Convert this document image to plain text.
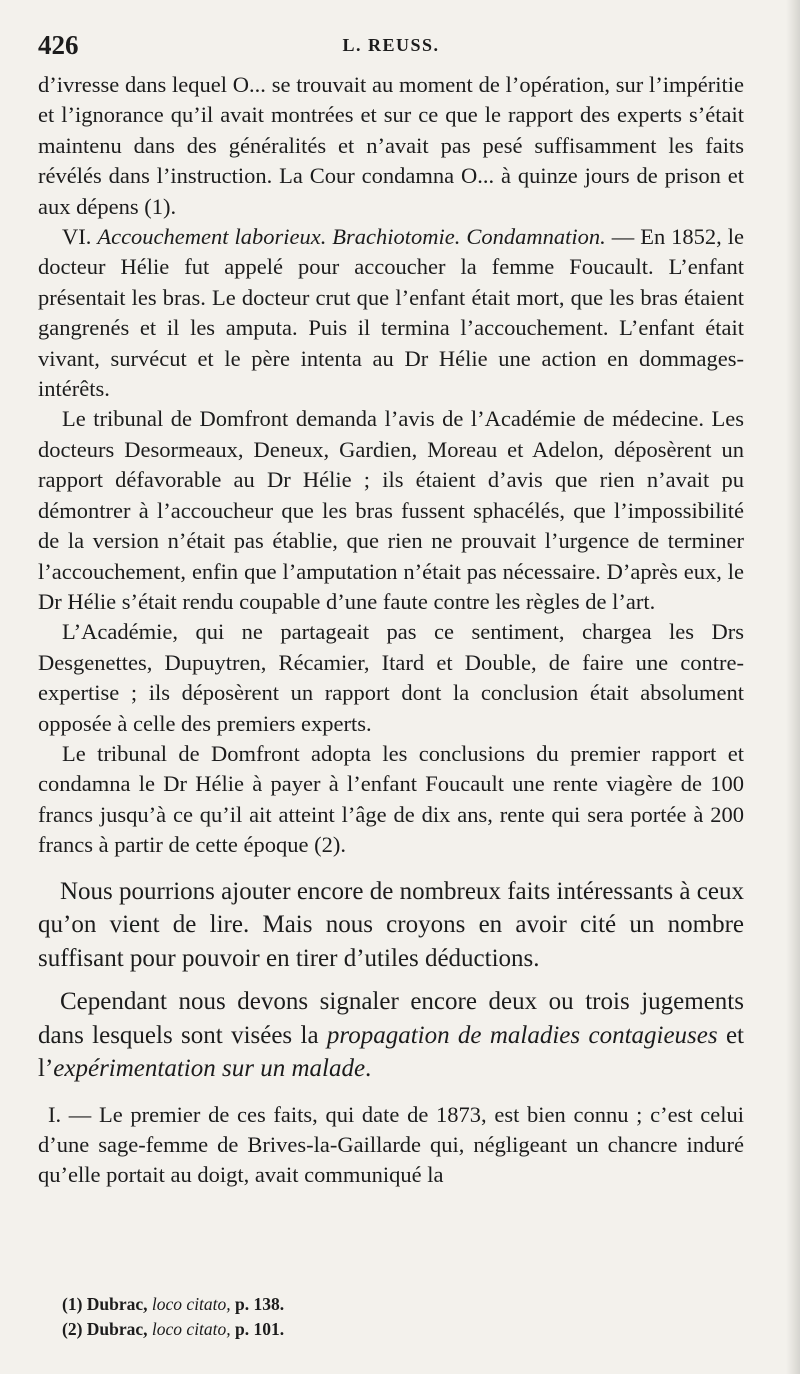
426	L. REUSS.

d’ivresse dans lequel O... se trouvait au moment de l’opération, sur l’impéritie et l’ignorance qu’il avait montrées et sur ce que le rapport des experts s’était maintenu dans des généralités et n’avait pas pesé suffisamment les faits révélés dans l’instruction. La Cour condamna O... à quinze jours de prison et aux dépens (1).

VI. Accouchement laborieux. Brachiotomie. Condamnation. — En 1852, le docteur Hélie fut appelé pour accoucher la femme Foucault. L’enfant présentait les bras. Le docteur crut que l’enfant était mort, que les bras étaient gangrenés et il les amputa. Puis il termina l’accouchement. L’enfant était vivant, survécut et le père intenta au Dr Hélie une action en dommages-intérêts.

Le tribunal de Domfront demanda l’avis de l’Académie de médecine. Les docteurs Desormeaux, Deneux, Gardien, Moreau et Adelon, déposèrent un rapport défavorable au Dr Hélie ; ils étaient d’avis que rien n’avait pu démontrer à l’accoucheur que les bras fussent sphacélés, que l’impossibilité de la version n’était pas établie, que rien ne prouvait l’urgence de terminer l’accouchement, enfin que l’amputation n’était pas nécessaire. D’après eux, le Dr Hélie s’était rendu coupable d’une faute contre les règles de l’art.

L’Académie, qui ne partageait pas ce sentiment, chargea les Drs Desgenettes, Dupuytren, Récamier, Itard et Double, de faire une contre-expertise ; ils déposèrent un rapport dont la conclusion était absolument opposée à celle des premiers experts.

Le tribunal de Domfront adopta les conclusions du premier rapport et condamna le Dr Hélie à payer à l’enfant Foucault une rente viagère de 100 francs jusqu’à ce qu’il ait atteint l’âge de dix ans, rente qui sera portée à 200 francs à partir de cette époque (2).

Nous pourrions ajouter encore de nombreux faits intéressants à ceux qu’on vient de lire. Mais nous croyons en avoir cité un nombre suffisant pour pouvoir en tirer d’utiles déductions.

Cependant nous devons signaler encore deux ou trois jugements dans lesquels sont visées la propagation de maladies contagieuses et l’expérimentation sur un malade.

I. — Le premier de ces faits, qui date de 1873, est bien connu ; c’est celui d’une sage-femme de Brives-la-Gaillarde qui, négligeant un chancre induré qu’elle portait au doigt, avait communiqué la
(1) Dubrac, loco citato, p. 138.
(2) Dubrac, loco citato, p. 101.
